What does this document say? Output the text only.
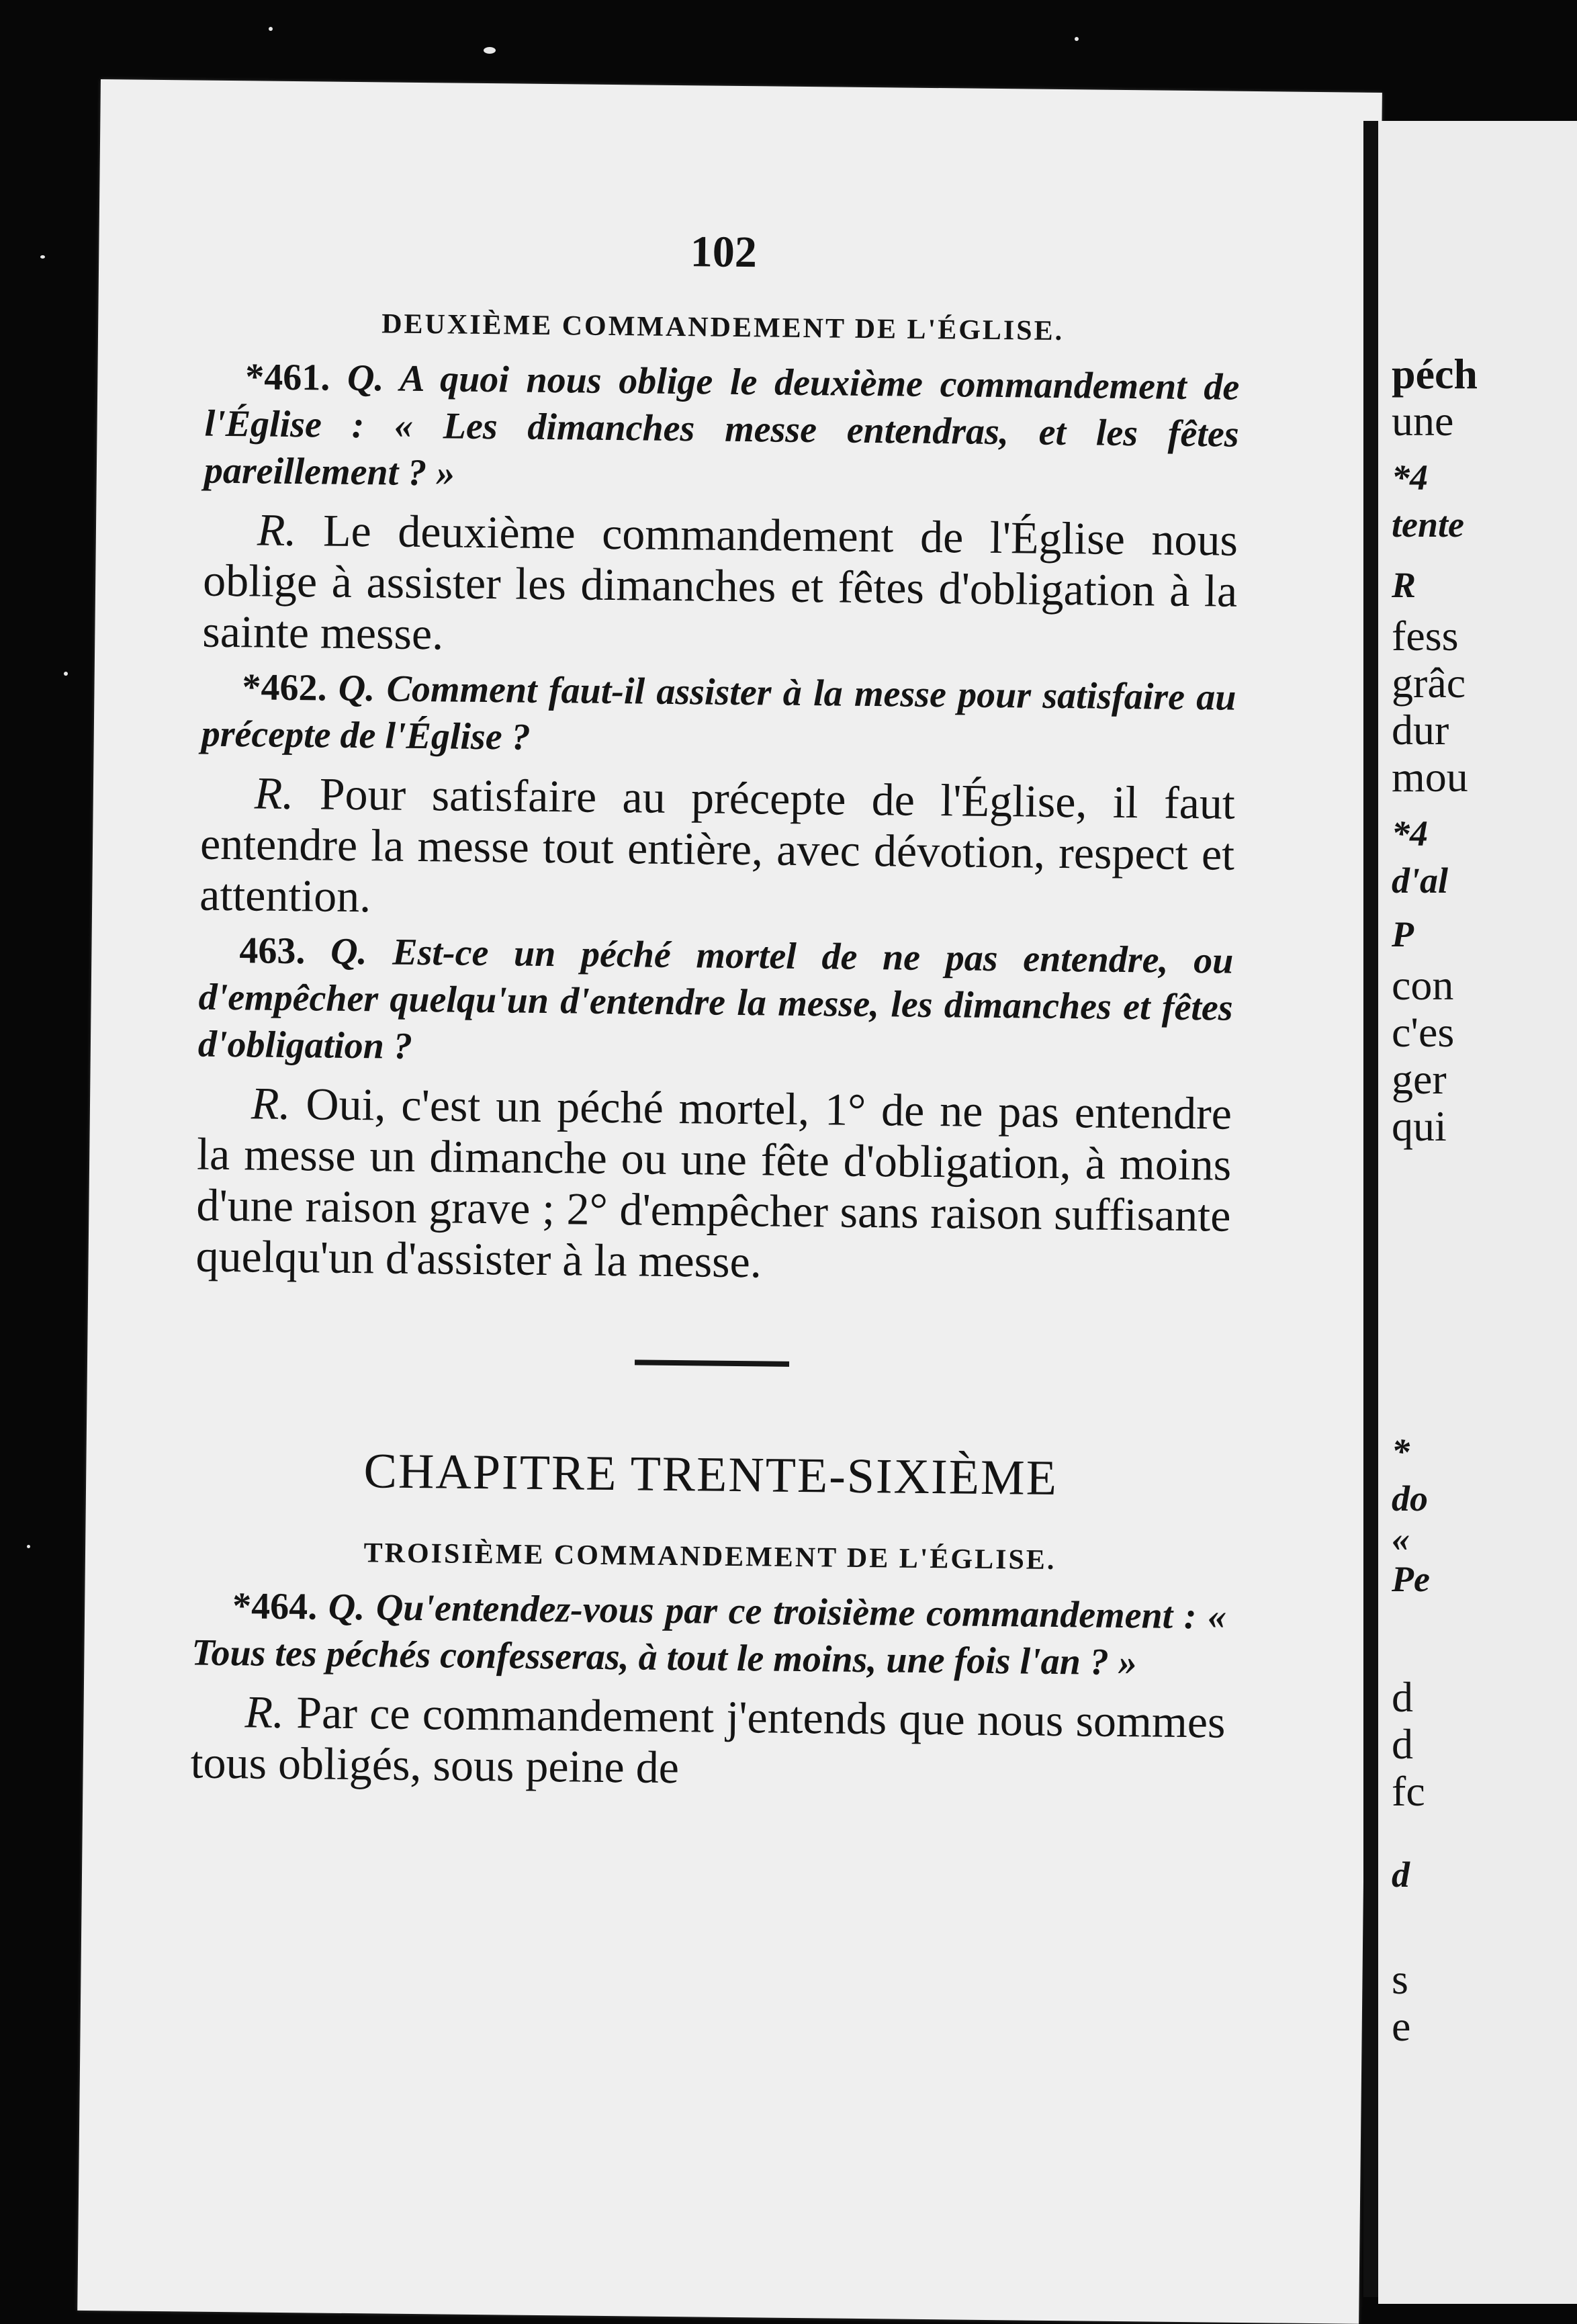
102
DEUXIÈME COMMANDEMENT DE L'ÉGLISE.

*461. Q. A quoi nous oblige le deuxième commandement de l'Église : « Les dimanches messe entendras, et les fêtes pareillement ? »

R. Le deuxième commandement de l'Église nous oblige à assister les dimanches et fêtes d'obligation à la sainte messe.

*462. Q. Comment faut-il assister à la messe pour satisfaire au précepte de l'Église ?

R. Pour satisfaire au précepte de l'Église, il faut entendre la messe tout entière, avec dévotion, respect et attention.

463. Q. Est-ce un péché mortel de ne pas entendre, ou d'empêcher quelqu'un d'entendre la messe, les dimanches et fêtes d'obligation ?

R. Oui, c'est un péché mortel, 1° de ne pas entendre la messe un dimanche ou une fête d'obligation, à moins d'une raison grave ; 2° d'empêcher sans raison suffisante quelqu'un d'assister à la messe.

CHAPITRE TRENTE-SIXIÈME
TROISIÈME COMMANDEMENT DE L'ÉGLISE.

*464. Q. Qu'entendez-vous par ce troisième commandement : « Tous tes péchés confesseras, à tout le moins, une fois l'an ? »

R. Par ce commandement j'entends que nous sommes tous obligés, sous peine de

péch
une
*4
tente
R
fess
grâc
dur
mou
*4
d'al
P
con
c'es
ger
qui
*
do
«
Pe
d
d
fc
d
s
e
